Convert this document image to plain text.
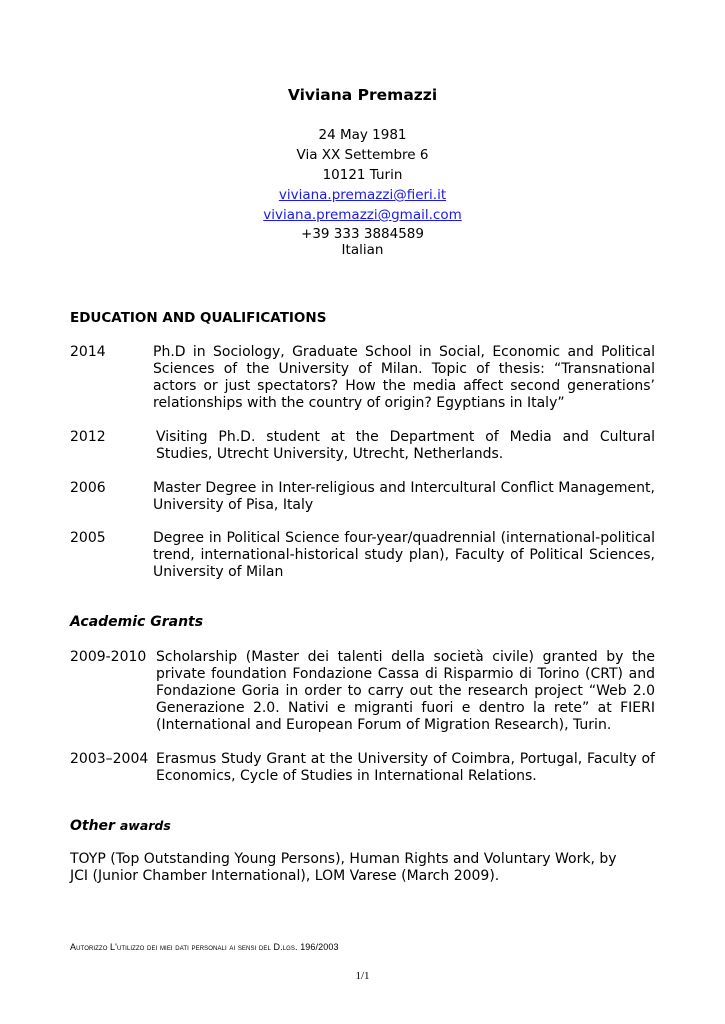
Viviana Premazzi
24 May 1981
Via XX Settembre 6
10121 Turin
viviana.premazzi@fieri.it
viviana.premazzi@gmail.com
+39 333 3884589
Italian
EDUCATION AND QUALIFICATIONS
2014	Ph.D in Sociology, Graduate School in Social, Economic and Political Sciences of the University of Milan. Topic of thesis: “Transnational actors or just spectators? How the media affect second generations’ relationships with the country of origin? Egyptians in Italy”
2012	Visiting Ph.D. student at the Department of Media and Cultural Studies, Utrecht University, Utrecht, Netherlands.
2006	Master Degree in Inter-religious and Intercultural Conflict Management, University of Pisa, Italy
2005	Degree in Political Science four-year/quadrennial (international-political trend, international-historical study plan), Faculty of Political Sciences, University of Milan
Academic Grants
2009-2010 Scholarship (Master dei talenti della società civile) granted by the private foundation Fondazione Cassa di Risparmio di Torino (CRT) and Fondazione Goria in order to carry out the research project “Web 2.0 Generazione 2.0. Nativi e migranti fuori e dentro la rete” at FIERI (International and European Forum of Migration Research), Turin.
2003–2004 Erasmus Study Grant at the University of Coimbra, Portugal, Faculty of Economics, Cycle of Studies in International Relations.
Other awards
TOYP (Top Outstanding Young Persons), Human Rights and Voluntary Work, by JCI (Junior Chamber International), LOM Varese (March 2009).
Autorizzo L'utilizzo dei miei dati personali ai sensi del D.lgs. 196/2003
1/1
